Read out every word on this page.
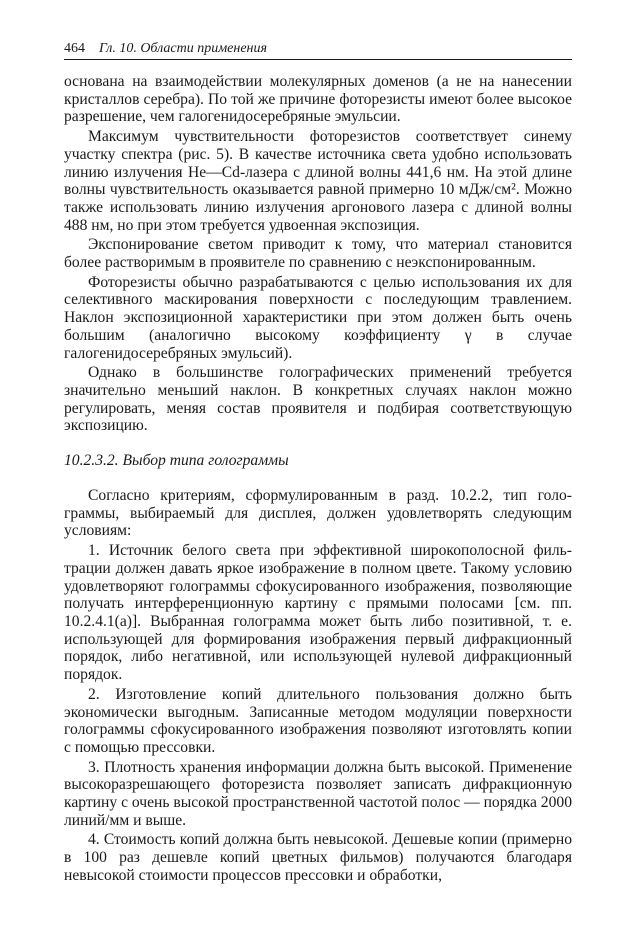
464 Гл. 10. Области применения

основана на взаимодействии молекулярных доменов (а не на нанесении кристаллов серебра). По той же причине фоторезисты имеют более высокое разрешение, чем галогенидосеребряные эмульсии.

Максимум чувствительности фоторезистов соответствует синему участку спектра (рис. 5). В качестве источника света удобно использовать линию излучения He—Cd-лазера с длиной волны 441,6 нм. На этой длине волны чувствительность оказывается равной примерно 10 мДж/см². Можно также использовать линию излучения аргонового лазера с длиной волны 488 нм, но при этом требуется удвоенная экспозиция.

Экспонирование светом приводит к тому, что материал становится более растворимым в проявителе по сравнению с неэкспонированным.

Фоторезисты обычно разрабатываются с целью использования их для селективного маскирования поверхности с последующим травлением. Наклон экспозиционной характеристики при этом должен быть очень большим (аналогично высокому коэффициенту γ в случае галогенидосеребряных эмульсий).

Однако в большинстве голографических применений требуется значительно меньший наклон. В конкретных случаях наклон можно регулировать, меняя состав проявителя и подбирая соответствующую экспозицию.

10.2.3.2. Выбор типа голограммы

Согласно критериям, сформулированным в разд. 10.2.2, тип голограммы, выбираемый для дисплея, должен удовлетворять следующим условиям:

1. Источник белого света при эффективной широкополосной фильтрации должен давать яркое изображение в полном цвете. Такому условию удовлетворяют голограммы сфокусированного изображения, позволяющие получать интерференционную картину с прямыми полосами [см. пп. 10.2.4.1(а)]. Выбранная голограмма может быть либо позитивной, т. е. использующей для формирования изображения первый дифракционный порядок, либо негативной, или использующей нулевой дифракционный порядок.

2. Изготовление копий длительного пользования должно быть экономически выгодным. Записанные методом модуляции поверхности голограммы сфокусированного изображения позволяют изготовлять копии с помощью прессовки.

3. Плотность хранения информации должна быть высокой. Применение высокоразрешающего фоторезиста позволяет записать дифракционную картину с очень высокой пространственной частотой полос — порядка 2000 линий/мм и выше.

4. Стоимость копий должна быть невысокой. Дешевые копии (примерно в 100 раз дешевле копий цветных фильмов) получаются благодаря невысокой стоимости процессов прессовки и обработки,
